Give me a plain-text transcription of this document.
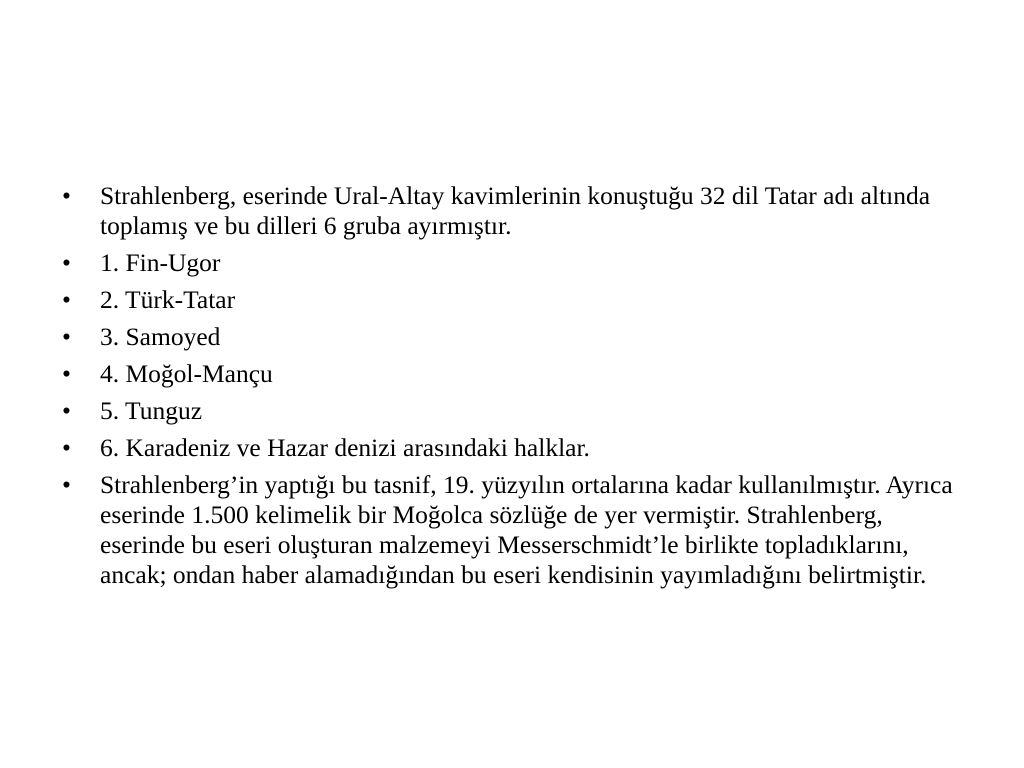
•	Strahlenberg, eserinde Ural-Altay kavimlerinin konuştuğu 32 dil Tatar adı altında toplamış ve bu dilleri 6 gruba ayırmıştır.
•	1. Fin-Ugor
•	2. Türk-Tatar
•	3. Samoyed
•	4. Moğol-Mançu
•	5. Tunguz
•	6. Karadeniz ve Hazar denizi arasındaki halklar.
•	Strahlenberg’in yaptığı bu tasnif, 19. yüzyılın ortalarına kadar kullanılmıştır. Ayrıca eserinde 1.500 kelimelik bir Moğolca sözlüğe de yer vermiştir. Strahlenberg, eserinde bu eseri oluşturan malzemeyi Messerschmidt’le birlikte topladıklarını, ancak; ondan haber alamadığından bu eseri kendisinin yayımladığını belirtmiştir.
